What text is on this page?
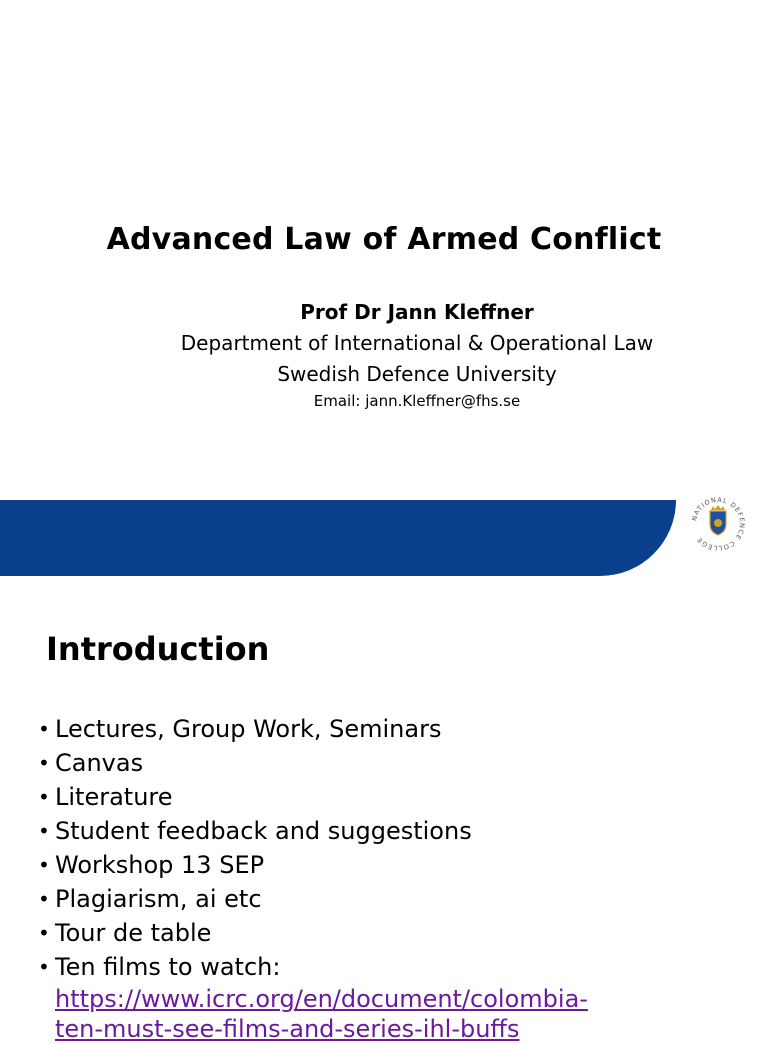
Advanced Law of Armed Conflict
Prof Dr Jann Kleffner
Department of International & Operational Law
Swedish Defence University
Email: jann.Kleffner@fhs.se
NATIONAL DEFENCE COLLEGE
Introduction
• Lectures, Group Work, Seminars
• Canvas
• Literature
• Student feedback and suggestions
• Workshop 13 SEP
• Plagiarism, ai etc
• Tour de table
• Ten films to watch:
https://www.icrc.org/en/document/colombia-
ten-must-see-films-and-series-ihl-buffs
